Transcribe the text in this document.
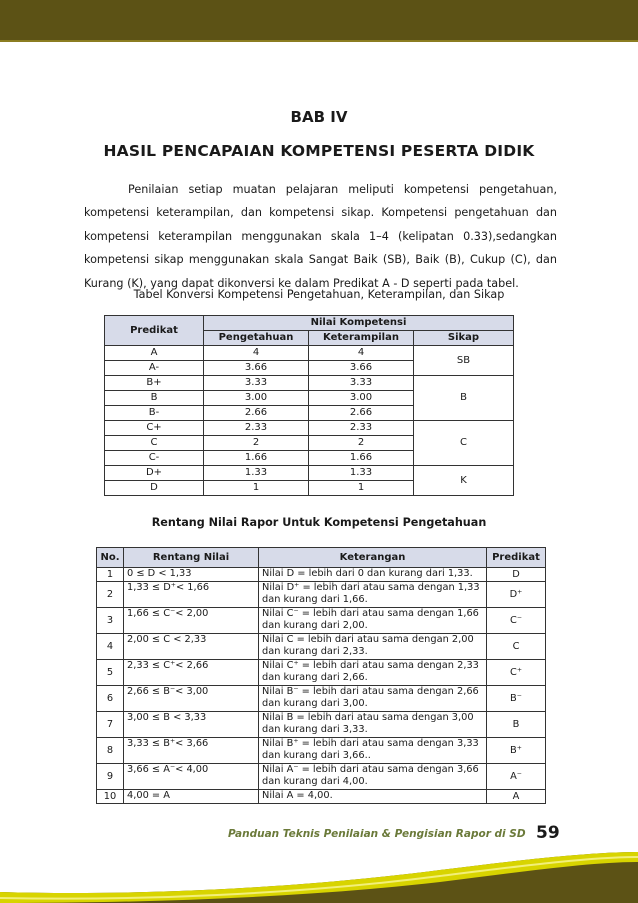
BAB IV
HASIL PENCAPAIAN KOMPETENSI PESERTA DIDIK

Penilaian setiap muatan pelajaran meliputi kompetensi pengetahuan, kompetensi keterampilan, dan kompetensi sikap. Kompetensi pengetahuan dan kompetensi keterampilan menggunakan skala 1–4 (kelipatan 0.33),sedangkan kompetensi sikap menggunakan skala Sangat Baik (SB), Baik (B), Cukup (C), dan Kurang (K), yang dapat dikonversi ke dalam Predikat A - D seperti pada tabel.

Tabel Konversi Kompetensi Pengetahuan, Keterampilan, dan Sikap
Predikat	Nilai Kompetensi		
	Pengetahuan	Keterampilan	Sikap
A	4	4	SB
A-	3.66	3.66	
B+	3.33	3.33	B
B	3.00	3.00	
B-	2.66	2.66	
C+	2.33	2.33	C
C	2	2	
C-	1.66	1.66	
D+	1.33	1.33	K
D	1	1	
Rentang Nilai Rapor Untuk Kompetensi Pengetahuan
No.	Rentang Nilai	Keterangan	Predikat
1	0 ≤ D < 1,33	Nilai D = lebih dari 0 dan kurang dari 1,33.	D
2	1,33 ≤ D⁺< 1,66	Nilai D⁺ = lebih dari atau sama dengan 1,33 dan kurang dari 1,66.	D⁺
3	1,66 ≤ C⁻< 2,00	Nilai C⁻ = lebih dari atau sama dengan 1,66 dan kurang dari 2,00.	C⁻
4	2,00 ≤ C < 2,33	Nilai C = lebih dari atau sama dengan 2,00 dan kurang dari 2,33.	C
5	2,33 ≤ C⁺< 2,66	Nilai C⁺ = lebih dari atau sama dengan 2,33 dan kurang dari 2,66.	C⁺
6	2,66 ≤ B⁻< 3,00	Nilai B⁻ = lebih dari atau sama dengan 2,66 dan kurang dari 3,00.	B⁻
7	3,00 ≤ B < 3,33	Nilai B = lebih dari atau sama dengan 3,00 dan kurang dari 3,33.	B
8	3,33 ≤ B⁺< 3,66	Nilai B⁺ = lebih dari atau sama dengan 3,33 dan kurang dari 3,66..	B⁺
9	3,66 ≤ A⁻< 4,00	Nilai A⁻ = lebih dari atau sama dengan 3,66 dan kurang dari 4,00.	A⁻
10	4,00 = A	Nilai A = 4,00.	A
Panduan Teknis Penilaian & Pengisian Rapor di SD 59
